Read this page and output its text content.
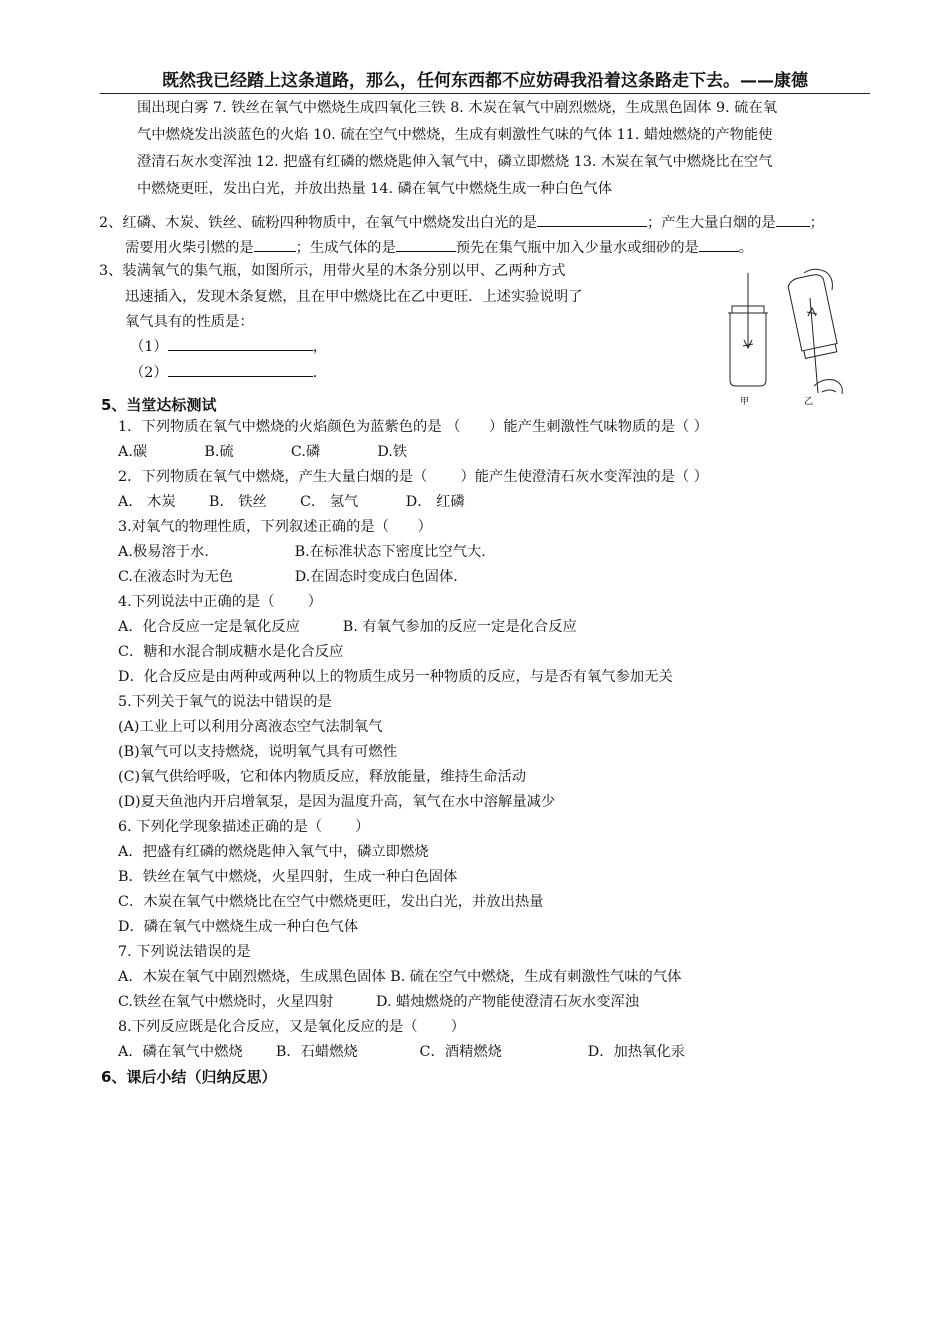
既然我已经踏上这条道路，那么，任何东西都不应妨碍我沿着这条路走下去。——康德
围出现白雾 7. 铁丝在氧气中燃烧生成四氧化三铁 8. 木炭在氧气中剧烈燃烧，生成黑色固体 9. 硫在氧
气中燃烧发出淡蓝色的火焰 10. 硫在空气中燃烧，生成有刺激性气味的气体 11. 蜡烛燃烧的产物能使
澄清石灰水变浑浊 12. 把盛有红磷的燃烧匙伸入氧气中，磷立即燃烧 13. 木炭在氧气中燃烧比在空气
中燃烧更旺，发出白光，并放出热量 14. 磷在氧气中燃烧生成一种白色气体
2、红磷、木炭、铁丝、硫粉四种物质中，在氧气中燃烧发出白光的是	；产生大量白烟的是 ；
需要用火柴引燃的是	；生成气体的是	预先在集气瓶中加入少量水或细砂的是	。
3、装满氧气的集气瓶，如图所示，用带火星的木条分别以甲、乙两种方式
迅速插入，发现木条复燃，且在甲中燃烧比在乙中更旺．上述实验说明了
氧气具有的性质是：
（1）	，
（2）	．
甲	乙
5、当堂达标测试
1．下列物质在氧气中燃烧的火焰颜色为蓝紫色的是 （　　）能产生刺激性气味物质的是（ ）
A.碳　　　　B.硫　　　　C.磷　　　　D.铁
2．下列物质在氧气中燃烧，产生大量白烟的是（　　 ）能产生使澄清石灰水变浑浊的是（ ）
A． 木炭　　 B． 铁丝　　 C． 氢气　　　 D． 红磷
3.对氧气的物理性质，下列叙述正确的是（　　）
A.极易溶于水.　　　　　　B.在标准状态下密度比空气大.
C.在液态时为无色　　　　 D.在固态时变成白色固体.
4.下列说法中正确的是（　　 ）
A．化合反应一定是氧化反应　　　B. 有氧气参加的反应一定是化合反应
C．糖和水混合制成糖水是化合反应
D．化合反应是由两种或两种以上的物质生成另一种物质的反应，与是否有氧气参加无关
5.下列关于氧气的说法中错误的是
(A)工业上可以利用分离液态空气法制氧气
(B)氧气可以支持燃烧，说明氧气具有可燃性
(C)氧气供给呼吸，它和体内物质反应，释放能量，维持生命活动
(D)夏天鱼池内开启增氧泵，是因为温度升高，氧气在水中溶解量减少
6. 下列化学现象描述正确的是（　　 ）
A．把盛有红磷的燃烧匙伸入氧气中，磷立即燃烧
B．铁丝在氧气中燃烧，火星四射，生成一种白色固体
C．木炭在氧气中燃烧比在空气中燃烧更旺，发出白光，并放出热量
D．磷在氧气中燃烧生成一种白色气体
7. 下列说法错误的是
A．木炭在氧气中剧烈燃烧，生成黑色固体 B. 硫在空气中燃烧，生成有刺激性气味的气体
C.铁丝在氧气中燃烧时，火星四射　　　D. 蜡烛燃烧的产物能使澄清石灰水变浑浊
8.下列反应既是化合反应，又是氧化反应的是（　　 ）
A．磷在氧气中燃烧　　 B．石蜡燃烧　　　　 C．酒精燃烧　　　　　　D．加热氧化汞
6、课后小结（归纳反思）
